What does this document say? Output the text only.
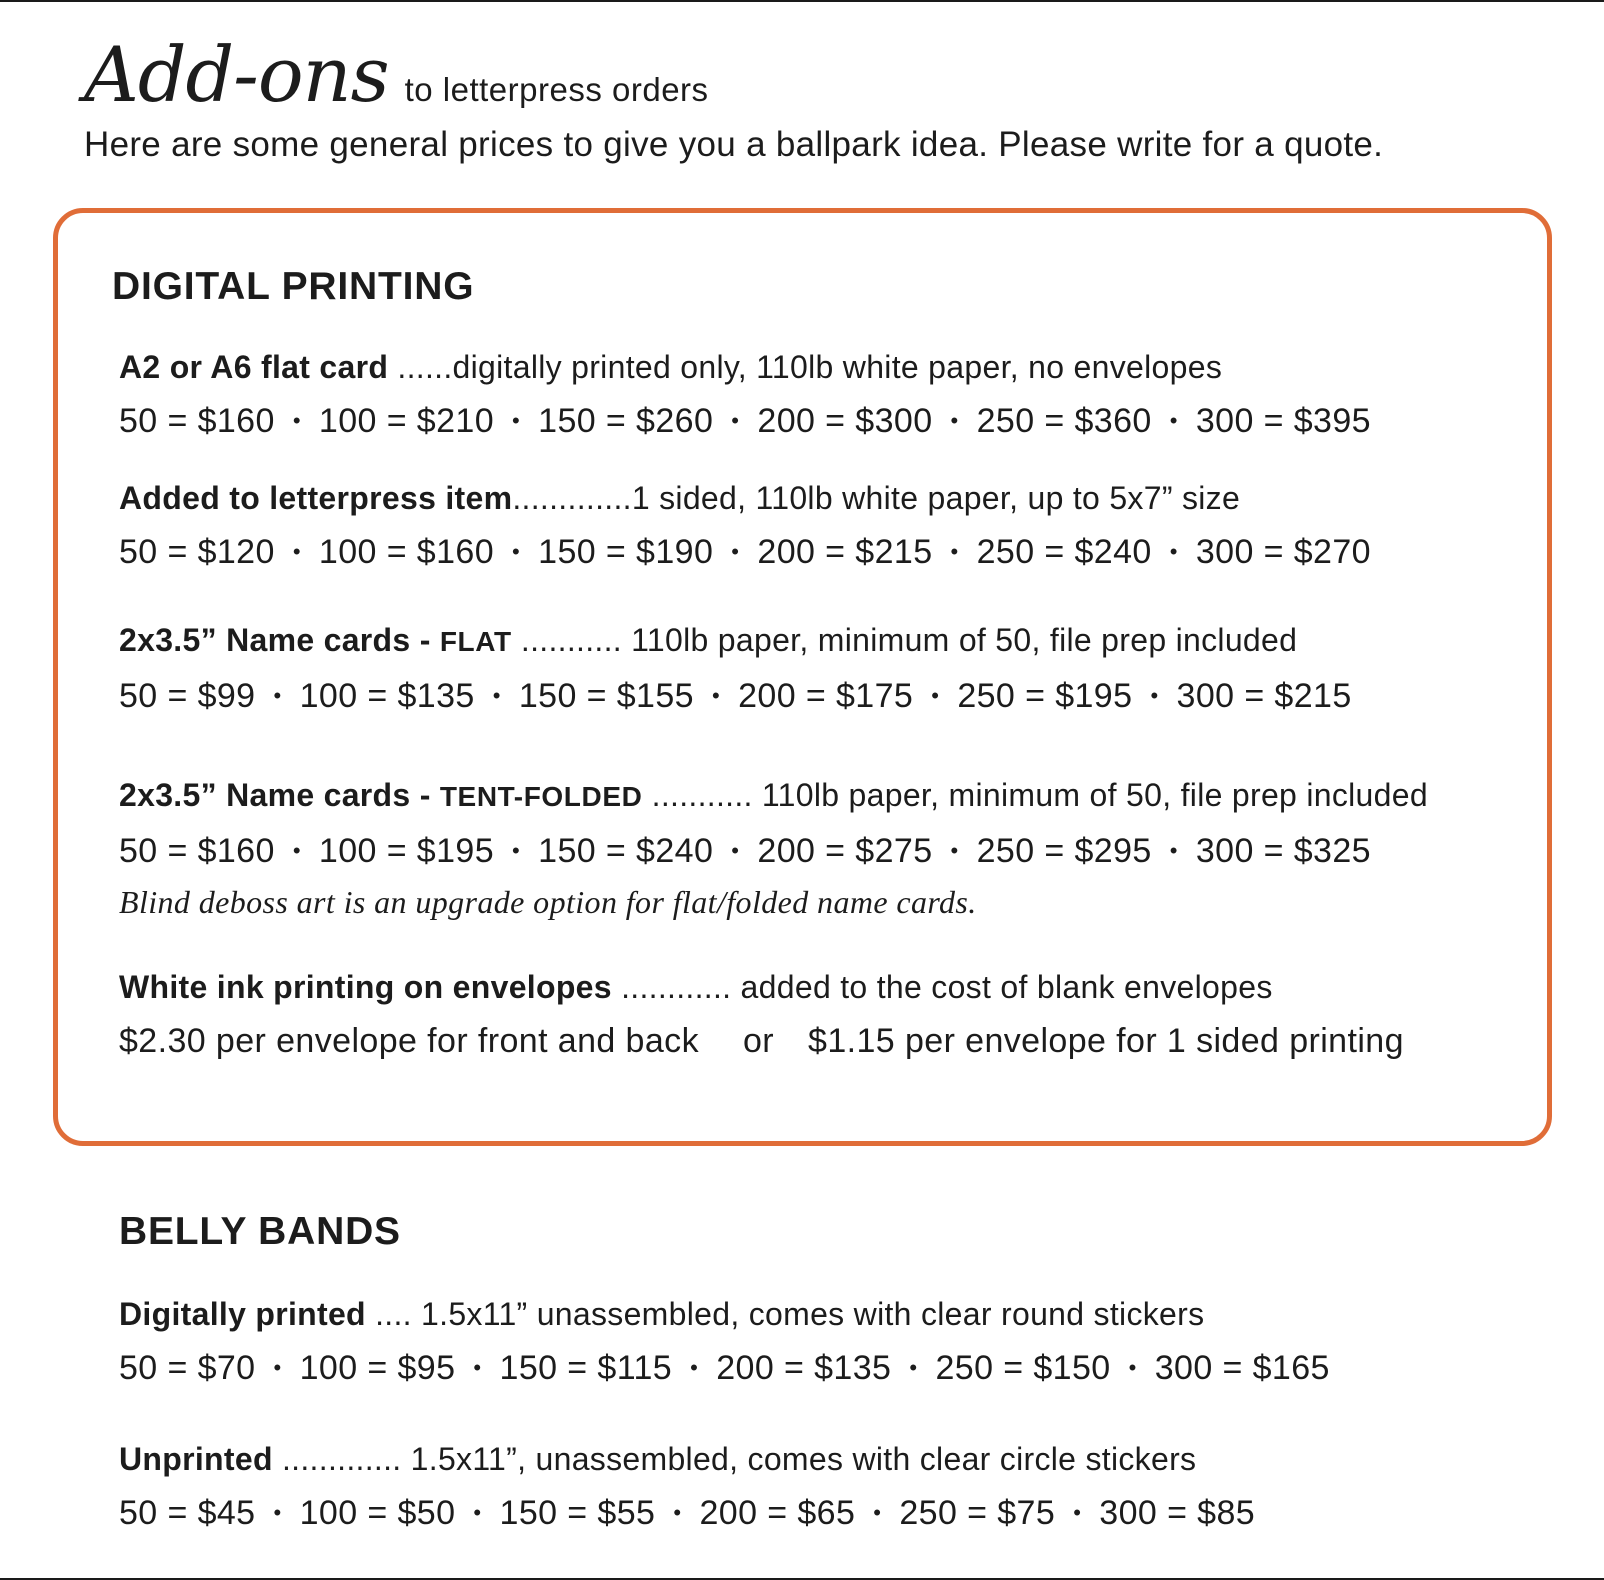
Add-ons to letterpress orders
Here are some general prices to give you a ballpark idea. Please write for a quote.
DIGITAL PRINTING
A2 or A6 flat card ......digitally printed only, 110lb white paper, no envelopes
50 = $160 • 100 = $210 • 150 = $260 • 200 = $300 • 250 = $360 • 300 = $395
Added to letterpress item.............1 sided, 110lb white paper, up to 5x7” size
50 = $120 • 100 = $160 • 150 = $190 • 200 = $215 • 250 = $240 • 300 = $270
2x3.5” Name cards - FLAT ........... 110lb paper, minimum of 50, file prep included
50 = $99 • 100 = $135 • 150 = $155 • 200 = $175 • 250 = $195 • 300 = $215
2x3.5” Name cards - TENT-FOLDED ........... 110lb paper, minimum of 50, file prep included
50 = $160 • 100 = $195 • 150 = $240 • 200 = $275 • 250 = $295 • 300 = $325
Blind deboss art is an upgrade option for flat/folded name cards.
White ink printing on envelopes ............ added to the cost of blank envelopes
$2.30 per envelope for front and back or $1.15 per envelope for 1 sided printing
BELLY BANDS
Digitally printed .... 1.5x11” unassembled, comes with clear round stickers
50 = $70 • 100 = $95 • 150 = $115 • 200 = $135 • 250 = $150 • 300 = $165
Unprinted ............. 1.5x11”, unassembled, comes with clear circle stickers
50 = $45 • 100 = $50 • 150 = $55 • 200 = $65 • 250 = $75 • 300 = $85
